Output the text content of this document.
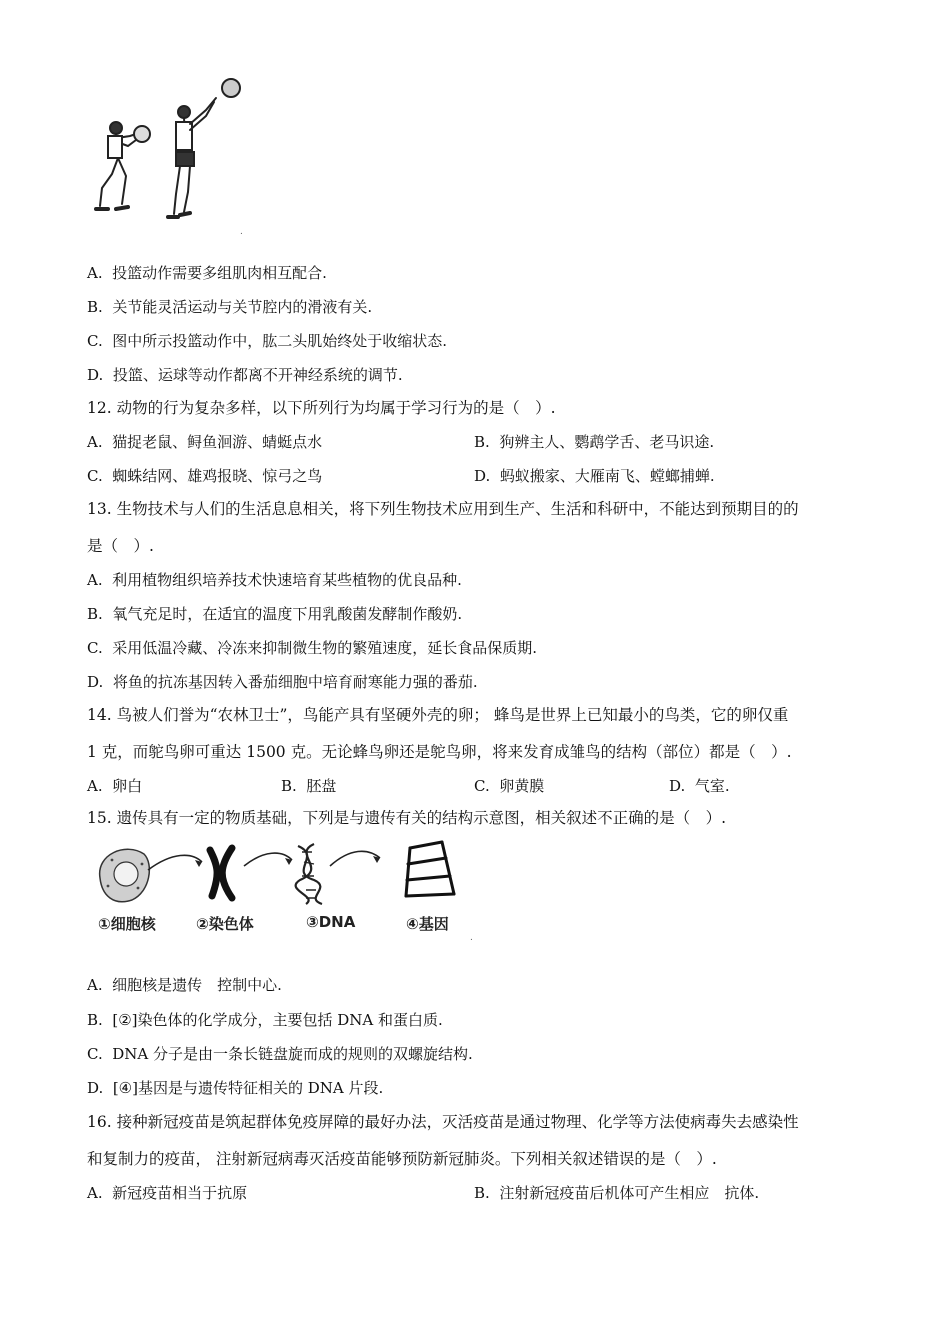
.
A. 投篮动作需要多组肌肉相互配合.
B. 关节能灵活运动与关节腔内的滑液有关.
C. 图中所示投篮动作中，肱二头肌始终处于收缩状态.
D. 投篮、运球等动作都离不开神经系统的调节.
12. 动物的行为复杂多样，以下所列行为均属于学习行为的是（　）.
A. 猫捉老鼠、鲟鱼洄游、蜻蜓点水	B. 狗辨主人、鹦鹉学舌、老马识途.
C. 蜘蛛结网、雄鸡报晓、惊弓之鸟	D. 蚂蚁搬家、大雁南飞、螳螂捕蝉.
13. 生物技术与人们的生活息息相关，将下列生物技术应用到生产、生活和科研中，不能达到预期目的的
是（　）.
A. 利用植物组织培养技术快速培育某些植物的优良品种.
B. 氧气充足时，在适宜的温度下用乳酸菌发酵制作酸奶.
C. 采用低温冷藏、冷冻来抑制微生物的繁殖速度，延长食品保质期.
D. 将鱼的抗冻基因转入番茄细胞中培育耐寒能力强的番茄.
14. 鸟被人们誉为“农林卫士”，鸟能产具有坚硬外壳的卵； 蜂鸟是世界上已知最小的鸟类，它的卵仅重
1 克，而鸵鸟卵可重达 1500 克。无论蜂鸟卵还是鸵鸟卵，将来发育成雏鸟的结构（部位）都是（　）.
A. 卵白	B. 胚盘	C. 卵黄膜	D. 气室.
15. 遗传具有一定的物质基础，下列是与遗传有关的结构示意图，相关叙述不正确的是（　）.
①细胞核	②染色体	③DNA	④基因
.
A. 细胞核是遗传　控制中心.
B. [②]染色体的化学成分，主要包括 DNA 和蛋白质.
C. DNA 分子是由一条长链盘旋而成的规则的双螺旋结构.
D. [④]基因是与遗传特征相关的 DNA 片段.
16. 接种新冠疫苗是筑起群体免疫屏障的最好办法，灭活疫苗是通过物理、化学等方法使病毒失去感染性
和复制力的疫苗， 注射新冠病毒灭活疫苗能够预防新冠肺炎。下列相关叙述错误的是（　）.
A. 新冠疫苗相当于抗原	B. 注射新冠疫苗后机体可产生相应　抗体.
